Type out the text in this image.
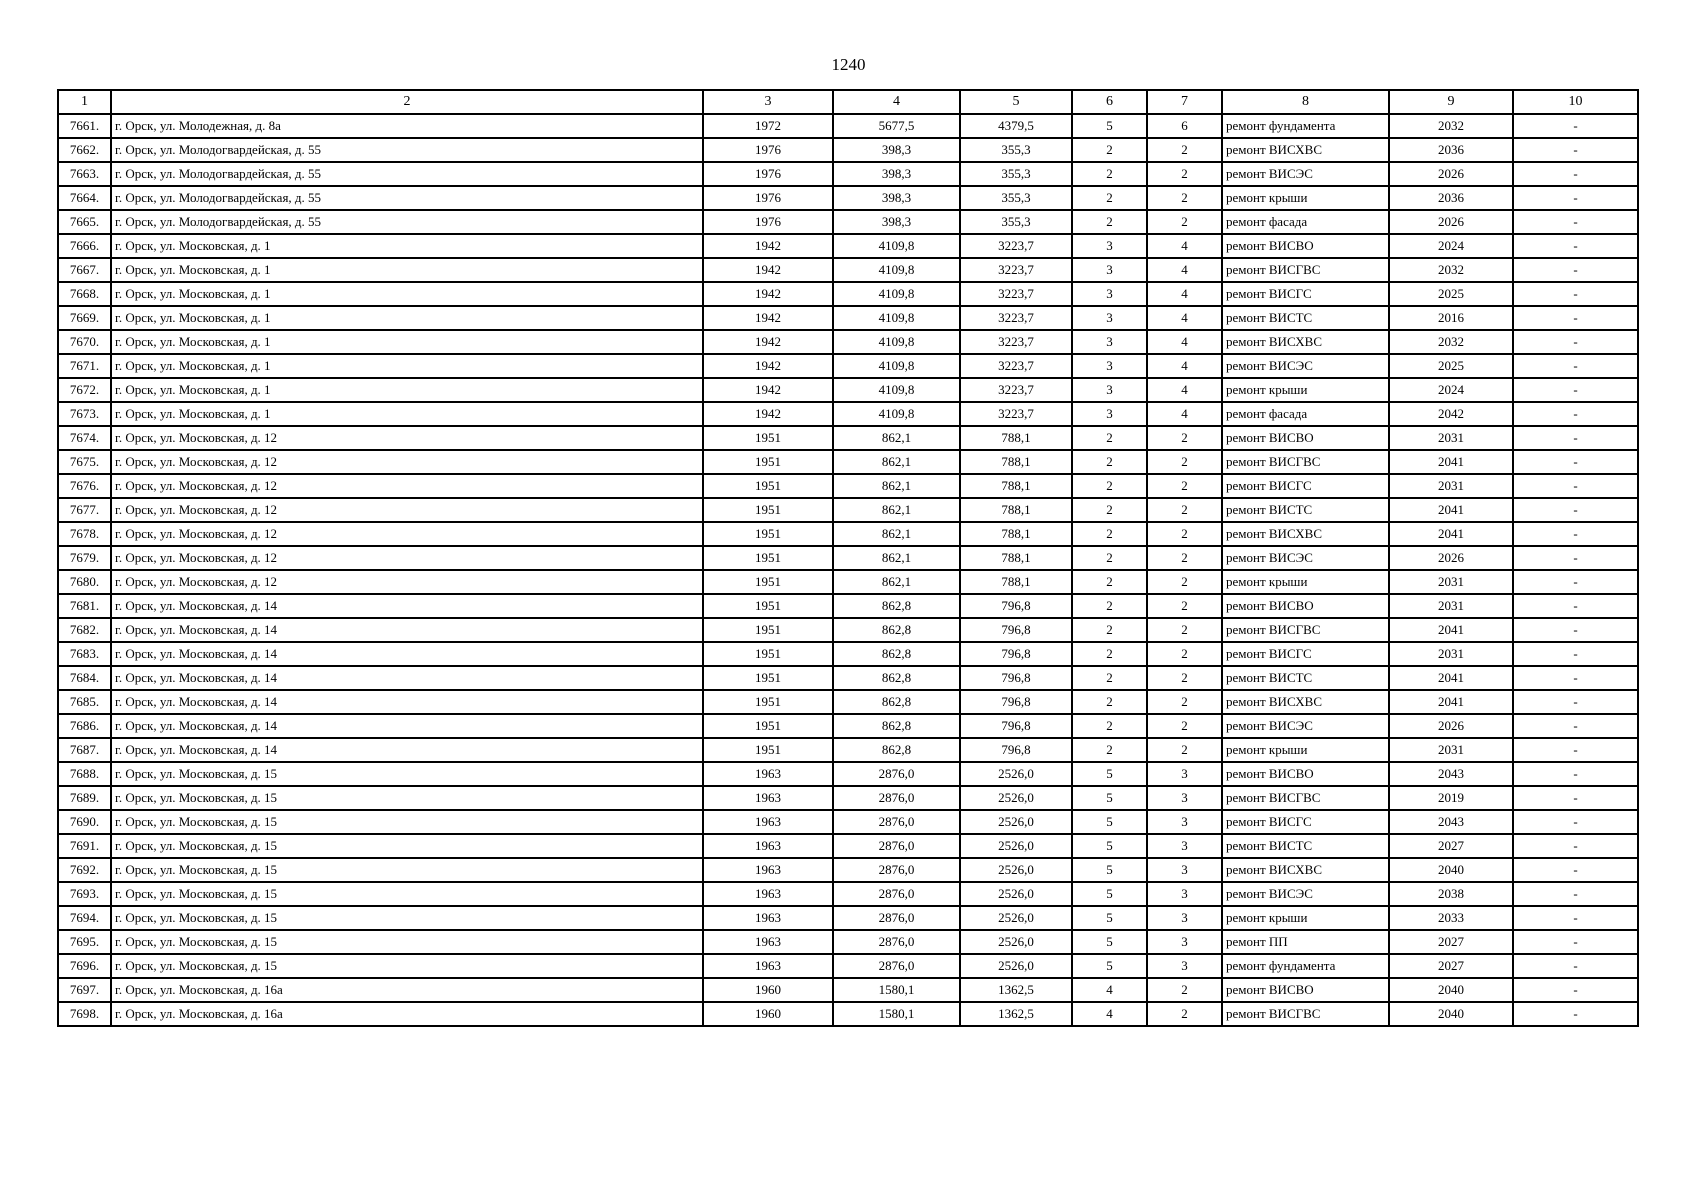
1240
1	2	3	4	5	6	7	8	9	10
7661.	г. Орск, ул. Молодежная, д. 8а	1972	5677,5	4379,5	5	6	ремонт фундамента	2032	-
7662.	г. Орск, ул. Молодогвардейская, д. 55	1976	398,3	355,3	2	2	ремонт ВИСХВС	2036	-
7663.	г. Орск, ул. Молодогвардейская, д. 55	1976	398,3	355,3	2	2	ремонт ВИСЭС	2026	-
7664.	г. Орск, ул. Молодогвардейская, д. 55	1976	398,3	355,3	2	2	ремонт крыши	2036	-
7665.	г. Орск, ул. Молодогвардейская, д. 55	1976	398,3	355,3	2	2	ремонт фасада	2026	-
7666.	г. Орск, ул. Московская, д. 1	1942	4109,8	3223,7	3	4	ремонт ВИСВО	2024	-
7667.	г. Орск, ул. Московская, д. 1	1942	4109,8	3223,7	3	4	ремонт ВИСГВС	2032	-
7668.	г. Орск, ул. Московская, д. 1	1942	4109,8	3223,7	3	4	ремонт ВИСГС	2025	-
7669.	г. Орск, ул. Московская, д. 1	1942	4109,8	3223,7	3	4	ремонт ВИСТС	2016	-
7670.	г. Орск, ул. Московская, д. 1	1942	4109,8	3223,7	3	4	ремонт ВИСХВС	2032	-
7671.	г. Орск, ул. Московская, д. 1	1942	4109,8	3223,7	3	4	ремонт ВИСЭС	2025	-
7672.	г. Орск, ул. Московская, д. 1	1942	4109,8	3223,7	3	4	ремонт крыши	2024	-
7673.	г. Орск, ул. Московская, д. 1	1942	4109,8	3223,7	3	4	ремонт фасада	2042	-
7674.	г. Орск, ул. Московская, д. 12	1951	862,1	788,1	2	2	ремонт ВИСВО	2031	-
7675.	г. Орск, ул. Московская, д. 12	1951	862,1	788,1	2	2	ремонт ВИСГВС	2041	-
7676.	г. Орск, ул. Московская, д. 12	1951	862,1	788,1	2	2	ремонт ВИСГС	2031	-
7677.	г. Орск, ул. Московская, д. 12	1951	862,1	788,1	2	2	ремонт ВИСТС	2041	-
7678.	г. Орск, ул. Московская, д. 12	1951	862,1	788,1	2	2	ремонт ВИСХВС	2041	-
7679.	г. Орск, ул. Московская, д. 12	1951	862,1	788,1	2	2	ремонт ВИСЭС	2026	-
7680.	г. Орск, ул. Московская, д. 12	1951	862,1	788,1	2	2	ремонт крыши	2031	-
7681.	г. Орск, ул. Московская, д. 14	1951	862,8	796,8	2	2	ремонт ВИСВО	2031	-
7682.	г. Орск, ул. Московская, д. 14	1951	862,8	796,8	2	2	ремонт ВИСГВС	2041	-
7683.	г. Орск, ул. Московская, д. 14	1951	862,8	796,8	2	2	ремонт ВИСГС	2031	-
7684.	г. Орск, ул. Московская, д. 14	1951	862,8	796,8	2	2	ремонт ВИСТС	2041	-
7685.	г. Орск, ул. Московская, д. 14	1951	862,8	796,8	2	2	ремонт ВИСХВС	2041	-
7686.	г. Орск, ул. Московская, д. 14	1951	862,8	796,8	2	2	ремонт ВИСЭС	2026	-
7687.	г. Орск, ул. Московская, д. 14	1951	862,8	796,8	2	2	ремонт крыши	2031	-
7688.	г. Орск, ул. Московская, д. 15	1963	2876,0	2526,0	5	3	ремонт ВИСВО	2043	-
7689.	г. Орск, ул. Московская, д. 15	1963	2876,0	2526,0	5	3	ремонт ВИСГВС	2019	-
7690.	г. Орск, ул. Московская, д. 15	1963	2876,0	2526,0	5	3	ремонт ВИСГС	2043	-
7691.	г. Орск, ул. Московская, д. 15	1963	2876,0	2526,0	5	3	ремонт ВИСТС	2027	-
7692.	г. Орск, ул. Московская, д. 15	1963	2876,0	2526,0	5	3	ремонт ВИСХВС	2040	-
7693.	г. Орск, ул. Московская, д. 15	1963	2876,0	2526,0	5	3	ремонт ВИСЭС	2038	-
7694.	г. Орск, ул. Московская, д. 15	1963	2876,0	2526,0	5	3	ремонт крыши	2033	-
7695.	г. Орск, ул. Московская, д. 15	1963	2876,0	2526,0	5	3	ремонт ПП	2027	-
7696.	г. Орск, ул. Московская, д. 15	1963	2876,0	2526,0	5	3	ремонт фундамента	2027	-
7697.	г. Орск, ул. Московская, д. 16а	1960	1580,1	1362,5	4	2	ремонт ВИСВО	2040	-
7698.	г. Орск, ул. Московская, д. 16а	1960	1580,1	1362,5	4	2	ремонт ВИСГВС	2040	-
